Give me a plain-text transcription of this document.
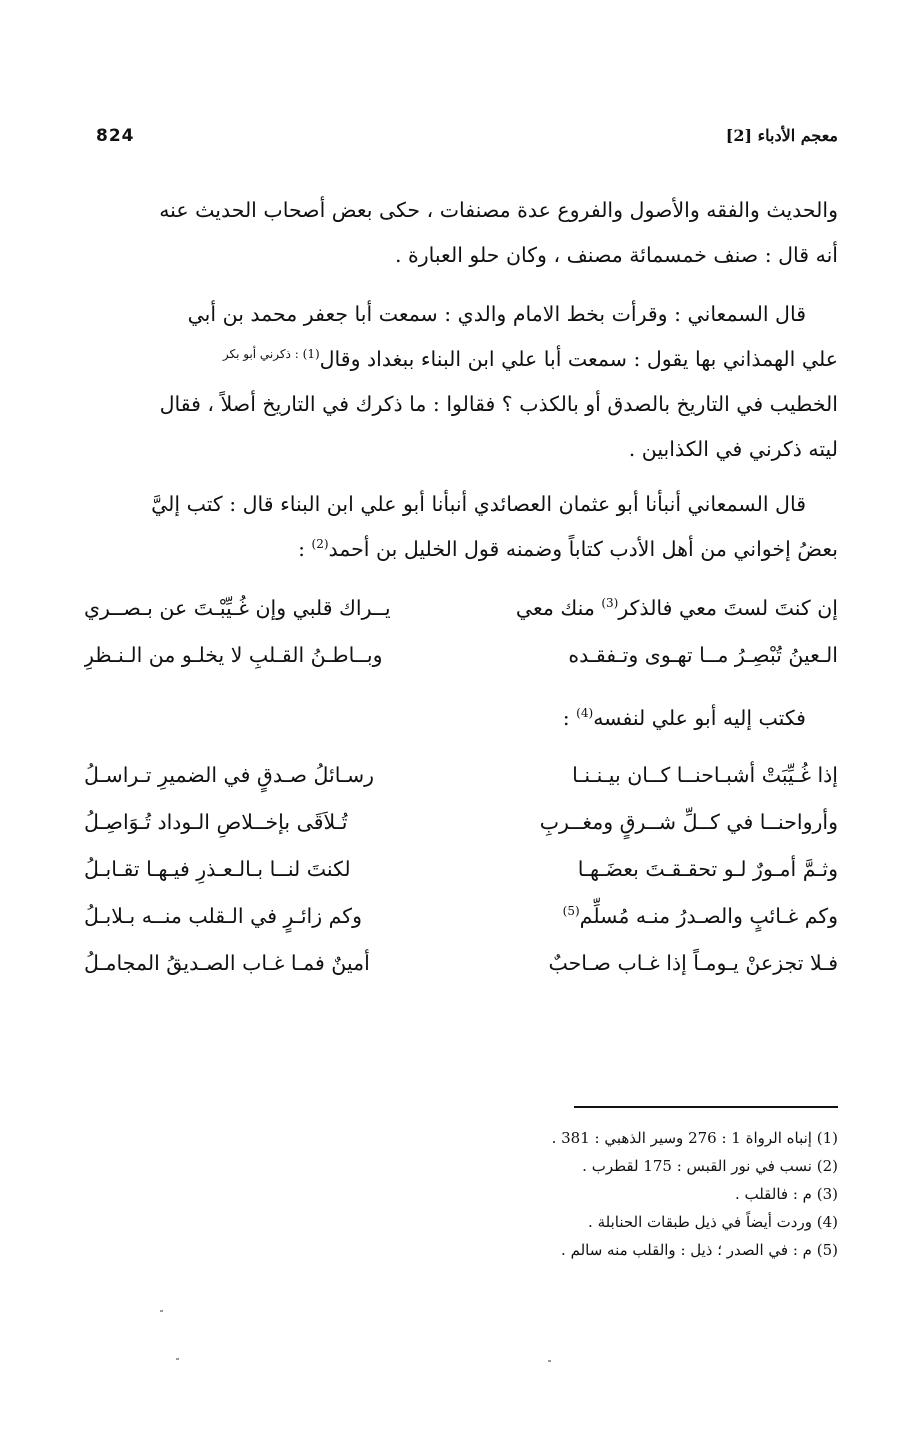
824	معجم الأدباء [2]

والحديث والفقه والأصول والفروع عدة مصنفات ، حكى بعض أصحاب الحديث عنه

أنه قال : صنف خمسمائة مصنف ، وكان حلو العبارة .

قال السمعاني : وقرأت بخط الامام والدي : سمعت أبا جعفر محمد بن أبي

علي الهمذاني بها يقول : سمعت أبا علي ابن البناء ببغداد وقال$^{(1) : ذكرني أبو بكر}$

الخطيب في التاريخ بالصدق أو بالكذب ؟ فقالوا : ما ذكرك في التاريخ أصلاً ، فقال

ليته ذكرني في الكذابين .

قال السمعاني أنبأنا أبو عثمان العصائدي أنبأنا أبو علي ابن البناء قال : كتب إليَّ

بعضُ إخواني من أهل الأدب كتاباً وضمنه قول الخليل بن أحمد$^{(2)}$ :

إن كنتَ لستَ معي فالذكر$^{(3)}$ منك معي
يــراك قلبي وإن غُـيِّبْـتَ عن بـصــري
الـعينُ تُبْصِـرُ مــا تهـوى وتـفقـده
وبــاطـنُ القـلبِ لا يخلـو من الـنـظرِ

فكتب إليه أبو علي لنفسه$^{(4)}$ :

إذا غُـيِّبَتْ أشبـاحنــا كــان بيـنـنـا
رسـائلُ صـدقٍ في الضميرِ تـراسـلُ
وأرواحنــا في كــلِّ شــرقٍ ومغــربِ
تُـلاَقَى بإخــلاصِ الـوداد تُـوَاصِـلُ
وثـمَّ أمـورٌ لـو تحقـقـتَ بعضَـهـا
لكنتَ لنــا بـالـعـذرِ فيـهـا تقـابـلُ
وكم غـائبٍ والصـدرُ منـه مُسلِّم$^{(5)}$
وكم زائـرٍ في الـقلب منــه بـلابـلُ
فـلا تجزعنْ يـومـاً إذا غـاب صـاحبٌ
أمينٌ فمـا غـاب الصـديقُ المجامـلُ
(1) إنباه الرواة 1 : 276 وسير الذهبي : 381 .
(2) نسب في نور القبس : 175 لقطرب .
(3) م : فالقلب .
(4) وردت أيضاً في ذيل طبقات الحنابلة .
(5) م : في الصدر ؛ ذيل : والقلب منه سالم .
